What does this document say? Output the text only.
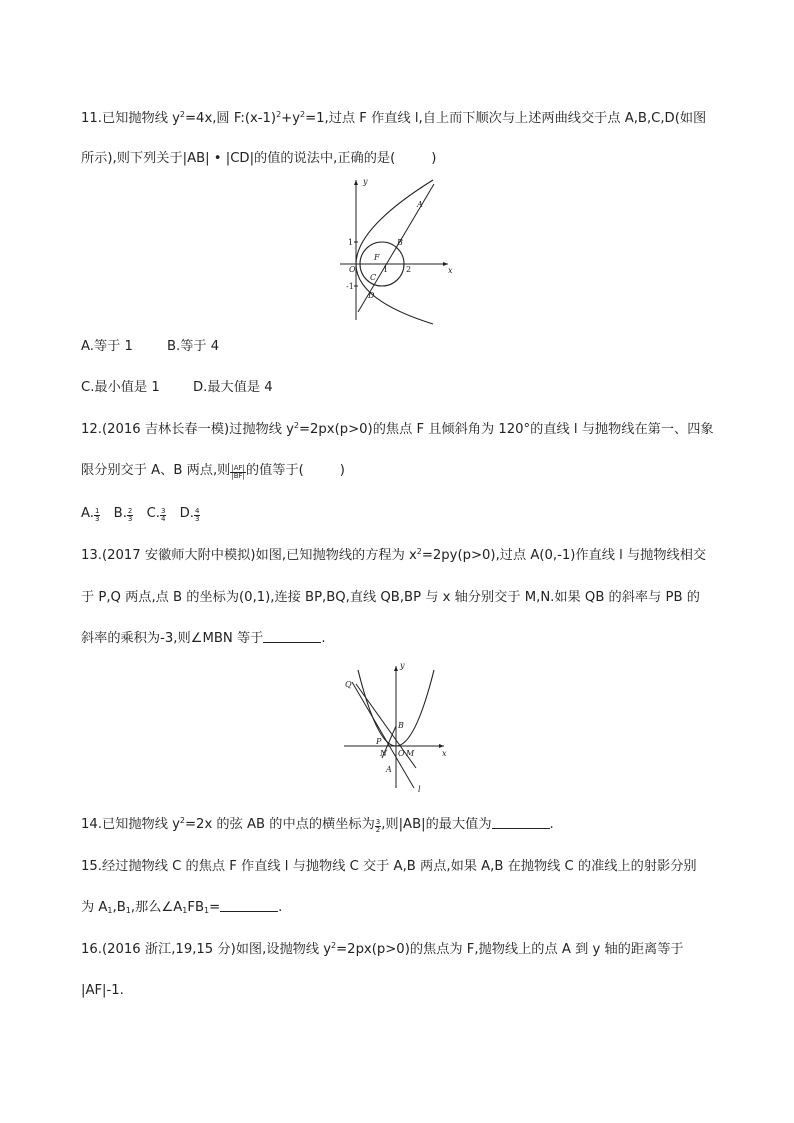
11.已知抛物线 $y^2=4x$,圆 $F:(x-1)^2+y^2=1$,过点 F 作直线 l,自上而下顺次与上述两曲线交于点 A,B,C,D(如图
所示),则下列关于|AB| • |CD|的值的说法中,正确的是(	)
y
x
O
A
B
F
1 2
C
D
1
-1
A.等于 1	B.等于 4
C.最小值是 1	D.最大值是 4
12.(2016 吉林长春一模)过抛物线 $y^2=2px(p>0)$的焦点 F 且倾斜角为 120°的直线 l 与抛物线在第一、四象
限分别交于 A、B 两点,则 $\frac{|AF|}{|BF|}$ 的值等于(	)
A. $\frac{1}{3} B$. $\frac{2}{3} C$. $\frac{3}{4} D$. $\frac{4}{3}$
13.(2017 安徽师大附中模拟)如图,已知抛物线的方程为 $x^2=2py(p>0)$,过点 A(0,-1)作直线 l 与抛物线相交
于 P,Q 两点,点 B 的坐标为(0,1),连接 BP,BQ,直线 QB,BP 与 x 轴分别交于 M,N.如果 QB 的斜率与 PB 的
斜率的乘积为-3,则∠MBN 等于	.
y
x
Q
B
P
N O M
A
l
14.已知抛物线 $y^2=2x$ 的弦 AB 的中点的横坐标为 $\frac{3}{2}$ ,则|AB|的最大值为	.
15.经过抛物线 C 的焦点 F 作直线 l 与抛物线 C 交于 A,B 两点,如果 A,B 在抛物线 C 的准线上的射影分别
为 $A_1,B_1$,那么$\angle A_1FB_1=$	.
16.(2016 浙江,19,15 分)如图,设抛物线 $y^2=2px(p>0)$的焦点为 F,抛物线上的点 A 到 y 轴的距离等于
|AF|-1.
